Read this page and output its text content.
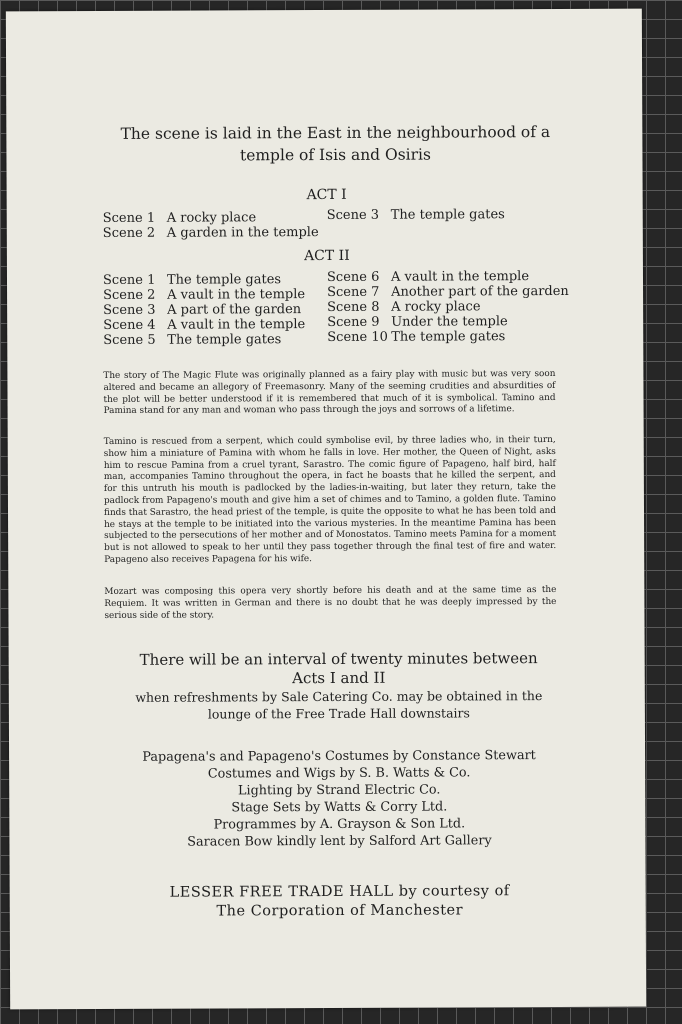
The scene is laid in the East in the neighbourhood of a
temple of Isis and Osiris
ACT I
Scene 1 A rocky place
Scene 2 A garden in the temple
Scene 3 The temple gates
ACT II
Scene 1 The temple gates
Scene 2 A vault in the temple
Scene 3 A part of the garden
Scene 4 A vault in the temple
Scene 5 The temple gates
Scene 6 A vault in the temple
Scene 7 Another part of the garden
Scene 8 A rocky place
Scene 9 Under the temple
Scene 10 The temple gates
The story of The Magic Flute was originally planned as a fairy play with music but was very soon altered and became an allegory of Freemasonry. Many of the seeming crudities and absurdities of the plot will be better understood if it is remembered that much of it is symbolical. Tamino and Pamina stand for any man and woman who pass through the joys and sorrows of a lifetime.
Tamino is rescued from a serpent, which could symbolise evil, by three ladies who, in their turn, show him a miniature of Pamina with whom he falls in love. Her mother, the Queen of Night, asks him to rescue Pamina from a cruel tyrant, Sarastro. The comic figure of Papageno, half bird, half man, accompanies Tamino throughout the opera, in fact he boasts that he killed the serpent, and for this untruth his mouth is padlocked by the ladies-in-waiting, but later they return, take the padlock from Papageno's mouth and give him a set of chimes and to Tamino, a golden flute. Tamino finds that Sarastro, the head priest of the temple, is quite the opposite to what he has been told and he stays at the temple to be initiated into the various mysteries. In the meantime Pamina has been subjected to the persecutions of her mother and of Monostatos. Tamino meets Pamina for a moment but is not allowed to speak to her until they pass together through the final test of fire and water. Papageno also receives Papagena for his wife.
Mozart was composing this opera very shortly before his death and at the same time as the Requiem. It was written in German and there is no doubt that he was deeply impressed by the serious side of the story.
There will be an interval of twenty minutes between
Acts I and II
when refreshments by Sale Catering Co. may be obtained in the
lounge of the Free Trade Hall downstairs
Papagena's and Papageno's Costumes by Constance Stewart
Costumes and Wigs by S. B. Watts & Co.
Lighting by Strand Electric Co.
Stage Sets by Watts & Corry Ltd.
Programmes by A. Grayson & Son Ltd.
Saracen Bow kindly lent by Salford Art Gallery
LESSER FREE TRADE HALL by courtesy of
The Corporation of Manchester
